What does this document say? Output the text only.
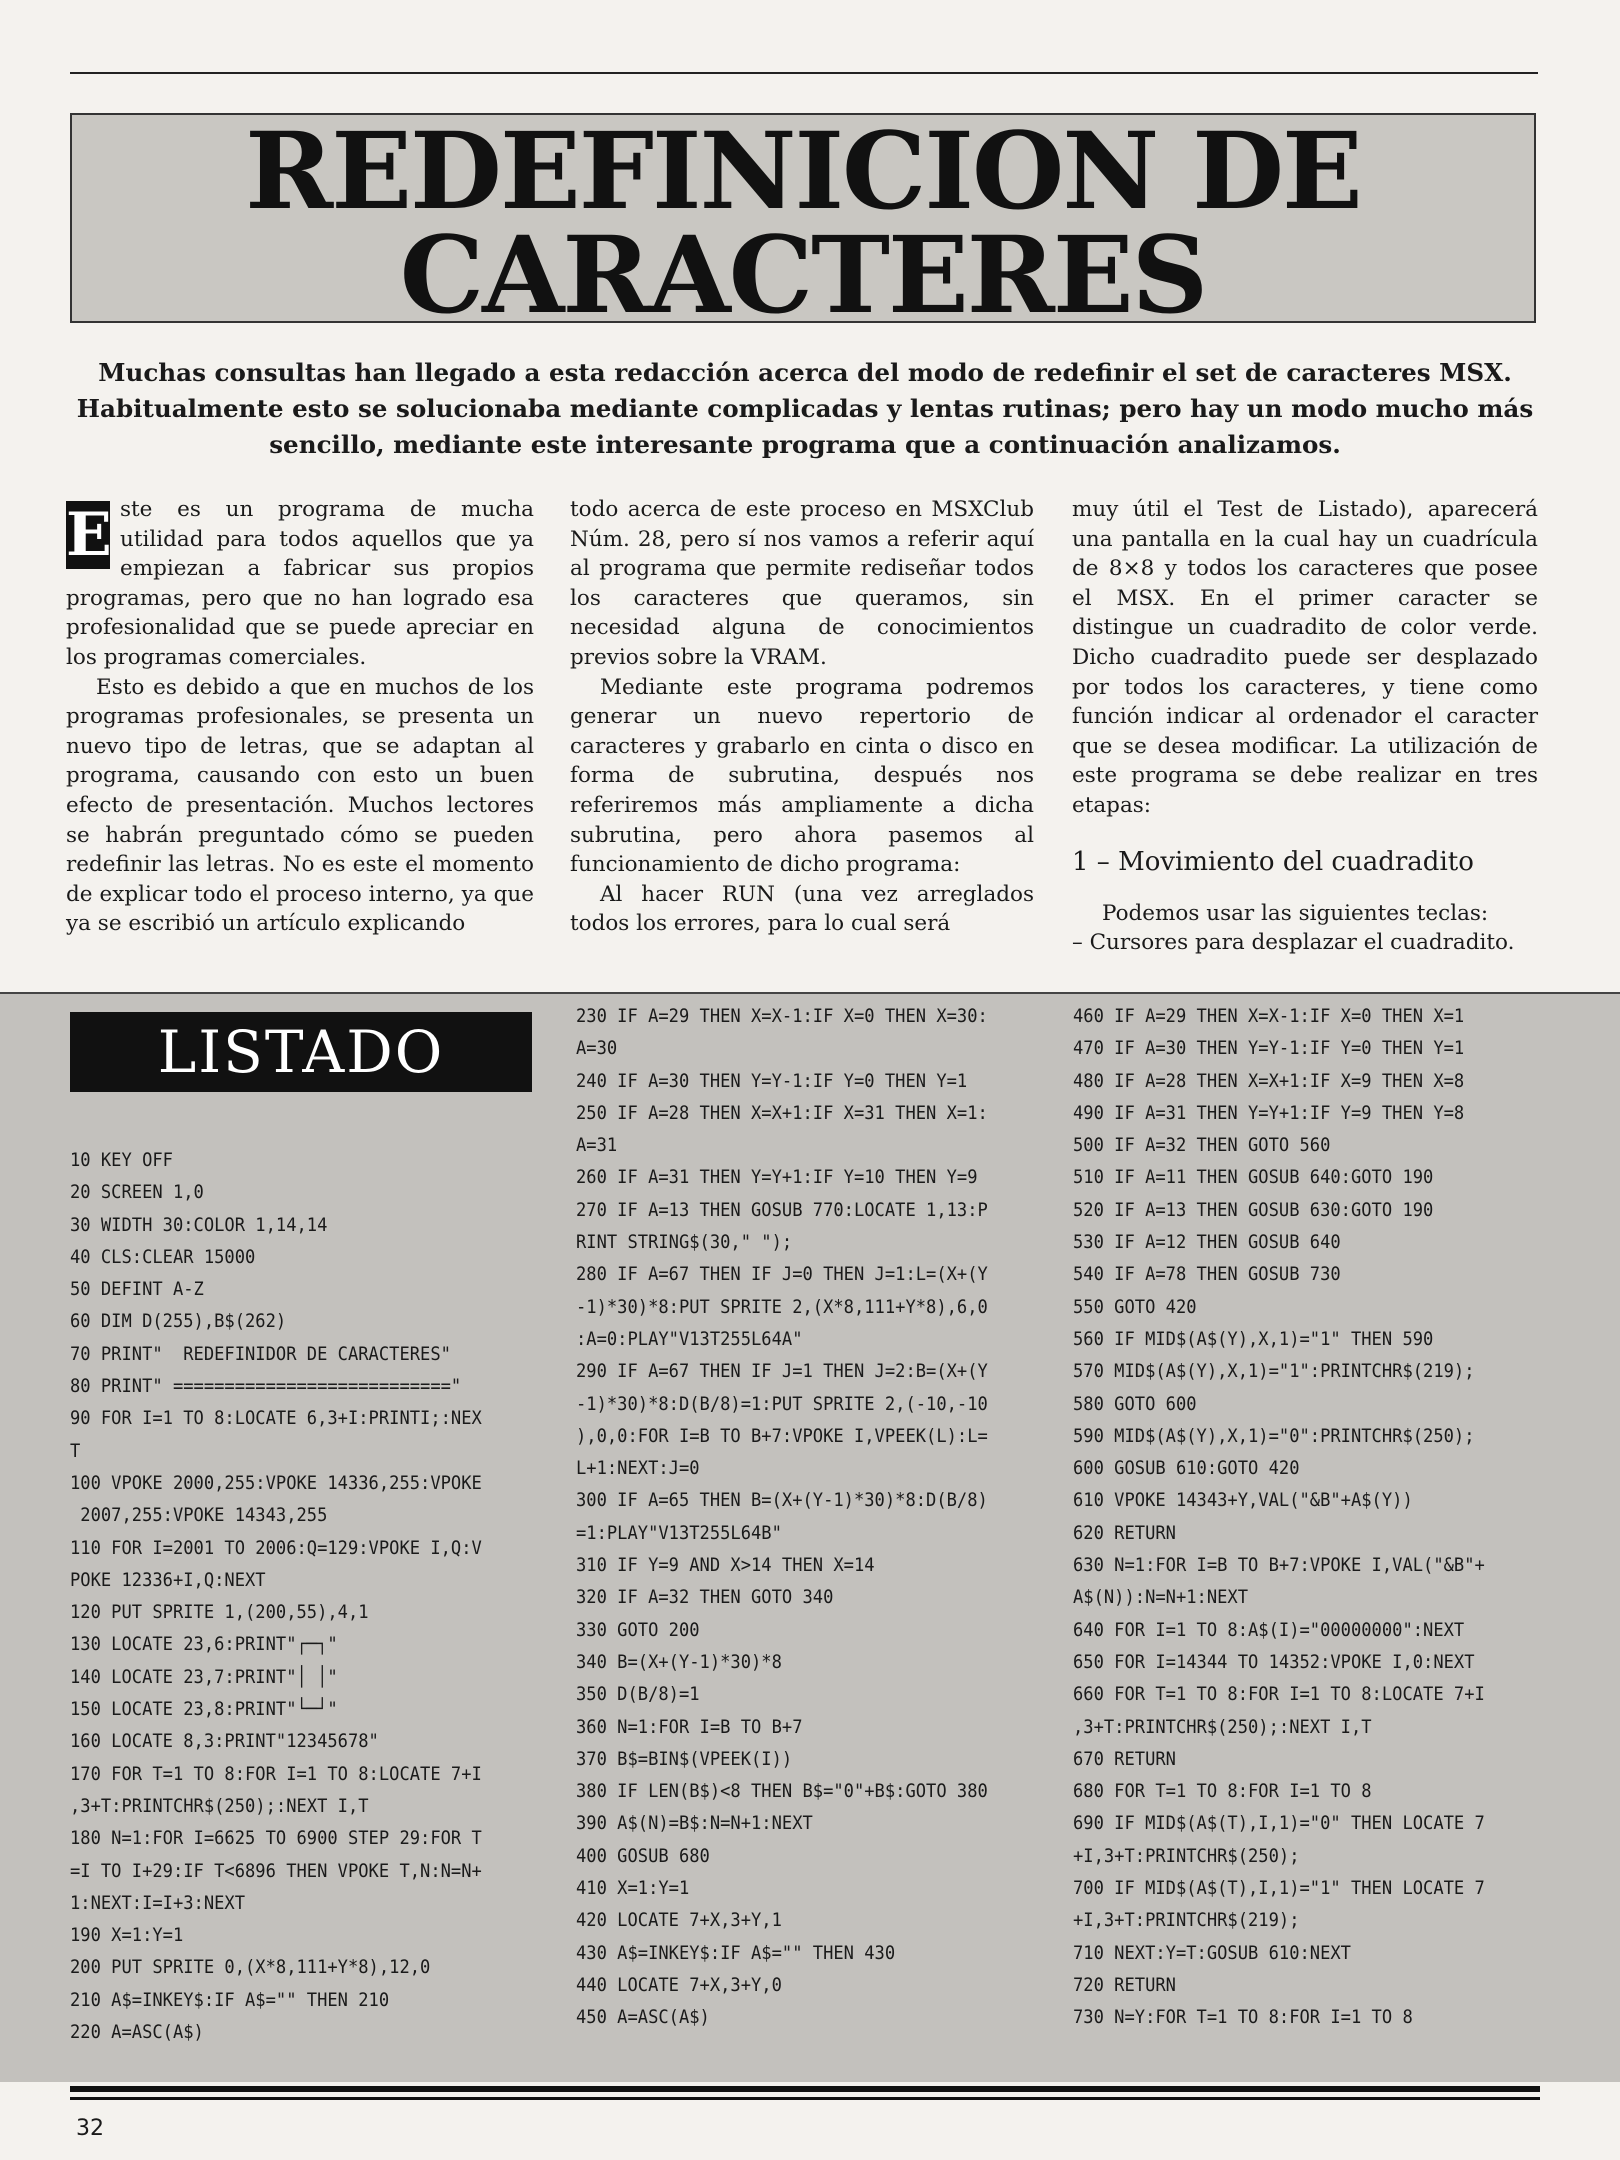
REDEFINICION DE
CARACTERES
Muchas consultas han llegado a esta redacción acerca del modo de redefinir el set de caracteres MSX. Habitualmente esto se solucionaba mediante complicadas y lentas rutinas; pero hay un modo mucho más sencillo, mediante este interesante programa que a continuación analizamos.
E ste es un programa de mucha utilidad para todos aquellos que ya empiezan a fabricar sus propios programas, pero que no han logrado esa profesionalidad que se puede apreciar en los programas comerciales.

Esto es debido a que en muchos de los programas profesionales, se presenta un nuevo tipo de letras, que se adaptan al programa, causando con esto un buen efecto de presentación. Muchos lectores se habrán preguntado cómo se pueden redefinir las letras. No es este el momento de explicar todo el proceso interno, ya que ya se escribió un artículo explicando

todo acerca de este proceso en MSXClub Núm. 28, pero sí nos vamos a referir aquí al programa que permite rediseñar todos los caracteres que queramos, sin necesidad alguna de conocimientos previos sobre la VRAM.

Mediante este programa podremos generar un nuevo repertorio de caracteres y grabarlo en cinta o disco en forma de subrutina, después nos referiremos más ampliamente a dicha subrutina, pero ahora pasemos al funcionamiento de dicho programa:

Al hacer RUN (una vez arreglados todos los errores, para lo cual será

muy útil el Test de Listado), aparecerá una pantalla en la cual hay un cuadrícula de 8×8 y todos los caracteres que posee el MSX. En el primer caracter se distingue un cuadradito de color verde. Dicho cuadradito puede ser desplazado por todos los caracteres, y tiene como función indicar al ordenador el caracter que se desea modificar. La utilización de este programa se debe realizar en tres etapas:

1 – Movimiento del cuadradito

Podemos usar las siguientes teclas:

– Cursores para desplazar el cuadradito.

LISTADO
10 KEY OFF
20 SCREEN 1,0
30 WIDTH 30:COLOR 1,14,14
40 CLS:CLEAR 15000
50 DEFINT A-Z
60 DIM D(255),B$(262)
70 PRINT"  REDEFINIDOR DE CARACTERES"
80 PRINT" ==========================="
90 FOR I=1 TO 8:LOCATE 6,3+I:PRINTI;:NEX
T
100 VPOKE 2000,255:VPOKE 14336,255:VPOKE
2007,255:VPOKE 14343,255
110 FOR I=2001 TO 2006:Q=129:VPOKE I,Q:V
POKE 12336+I,Q:NEXT
120 PUT SPRITE 1,(200,55),4,1
130 LOCATE 23,6:PRINT"┌─┐"
140 LOCATE 23,7:PRINT"│ │"
150 LOCATE 23,8:PRINT"└─┘"
160 LOCATE 8,3:PRINT"12345678"
170 FOR T=1 TO 8:FOR I=1 TO 8:LOCATE 7+I
,3+T:PRINTCHR$(250);:NEXT I,T
180 N=1:FOR I=6625 TO 6900 STEP 29:FOR T
=I TO I+29:IF T<6896 THEN VPOKE T,N:N=N+
1:NEXT:I=I+3:NEXT
190 X=1:Y=1
200 PUT SPRITE 0,(X*8,111+Y*8),12,0
210 A$=INKEY$:IF A$="" THEN 210
220 A=ASC(A$)
230 IF A=29 THEN X=X-1:IF X=0 THEN X=30:
A=30
240 IF A=30 THEN Y=Y-1:IF Y=0 THEN Y=1
250 IF A=28 THEN X=X+1:IF X=31 THEN X=1:
A=31
260 IF A=31 THEN Y=Y+1:IF Y=10 THEN Y=9
270 IF A=13 THEN GOSUB 770:LOCATE 1,13:P
RINT STRING$(30," ");
280 IF A=67 THEN IF J=0 THEN J=1:L=(X+(Y
-1)*30)*8:PUT SPRITE 2,(X*8,111+Y*8),6,0
:A=0:PLAY"V13T255L64A"
290 IF A=67 THEN IF J=1 THEN J=2:B=(X+(Y
-1)*30)*8:D(B/8)=1:PUT SPRITE 2,(-10,-10
),0,0:FOR I=B TO B+7:VPOKE I,VPEEK(L):L=
L+1:NEXT:J=0
300 IF A=65 THEN B=(X+(Y-1)*30)*8:D(B/8)
=1:PLAY"V13T255L64B"
310 IF Y=9 AND X>14 THEN X=14
320 IF A=32 THEN GOTO 340
330 GOTO 200
340 B=(X+(Y-1)*30)*8
350 D(B/8)=1
360 N=1:FOR I=B TO B+7
370 B$=BIN$(VPEEK(I))
380 IF LEN(B$)<8 THEN B$="0"+B$:GOTO 380
390 A$(N)=B$:N=N+1:NEXT
400 GOSUB 680
410 X=1:Y=1
420 LOCATE 7+X,3+Y,1
430 A$=INKEY$:IF A$="" THEN 430
440 LOCATE 7+X,3+Y,0
450 A=ASC(A$)
460 IF A=29 THEN X=X-1:IF X=0 THEN X=1
470 IF A=30 THEN Y=Y-1:IF Y=0 THEN Y=1
480 IF A=28 THEN X=X+1:IF X=9 THEN X=8
490 IF A=31 THEN Y=Y+1:IF Y=9 THEN Y=8
500 IF A=32 THEN GOTO 560
510 IF A=11 THEN GOSUB 640:GOTO 190
520 IF A=13 THEN GOSUB 630:GOTO 190
530 IF A=12 THEN GOSUB 640
540 IF A=78 THEN GOSUB 730
550 GOTO 420
560 IF MID$(A$(Y),X,1)="1" THEN 590
570 MID$(A$(Y),X,1)="1":PRINTCHR$(219);
580 GOTO 600
590 MID$(A$(Y),X,1)="0":PRINTCHR$(250);
600 GOSUB 610:GOTO 420
610 VPOKE 14343+Y,VAL("&B"+A$(Y))
620 RETURN
630 N=1:FOR I=B TO B+7:VPOKE I,VAL("&B"+
A$(N)):N=N+1:NEXT
640 FOR I=1 TO 8:A$(I)="00000000":NEXT
650 FOR I=14344 TO 14352:VPOKE I,0:NEXT
660 FOR T=1 TO 8:FOR I=1 TO 8:LOCATE 7+I
,3+T:PRINTCHR$(250);:NEXT I,T
670 RETURN
680 FOR T=1 TO 8:FOR I=1 TO 8
690 IF MID$(A$(T),I,1)="0" THEN LOCATE 7
+I,3+T:PRINTCHR$(250);
700 IF MID$(A$(T),I,1)="1" THEN LOCATE 7
+I,3+T:PRINTCHR$(219);
710 NEXT:Y=T:GOSUB 610:NEXT
720 RETURN
730 N=Y:FOR T=1 TO 8:FOR I=1 TO 8
32
